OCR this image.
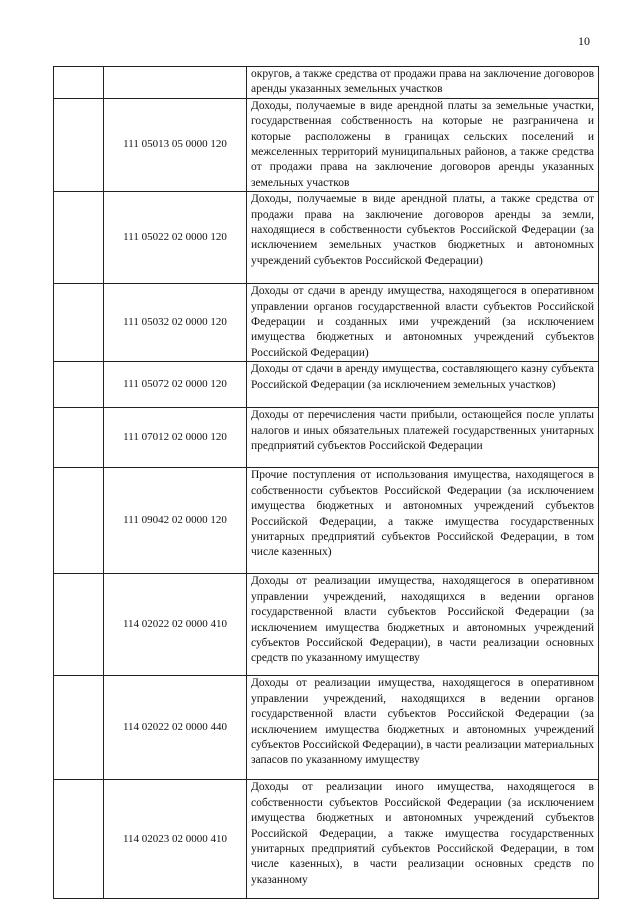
10
		округов, а также средства от продажи права на заключение договоров аренды указанных земельных участков
	111 05013 05 0000 120	Доходы, получаемые в виде арендной платы за земельные участки, государственная собственность на которые не разграничена и которые расположены в границах сельских поселений и межселенных территорий муниципальных районов, а также средства от продажи права на заключение договоров аренды указанных земельных участков
	111 05022 02 0000 120	Доходы, получаемые в виде арендной платы, а также средства от продажи права на заключение договоров аренды за земли, находящиеся в собственности субъектов Российской Федерации (за исключением земельных участков бюджетных и автономных учреждений субъектов Российской Федерации)
	111 05032 02 0000 120	Доходы от сдачи в аренду имущества, находящегося в оперативном управлении органов государственной власти субъектов Российской Федерации и созданных ими учреждений (за исключением имущества бюджетных и автономных учреждений субъектов Российской Федерации)
	111 05072 02 0000 120	Доходы от сдачи в аренду имущества, составляющего казну субъекта Российской Федерации (за исключением земельных участков)
	111 07012 02 0000 120	Доходы от перечисления части прибыли, остающейся после уплаты налогов и иных обязательных платежей государственных унитарных предприятий субъектов Российской Федерации
	111 09042 02 0000 120	Прочие поступления от использования имущества, находящегося в собственности субъектов Российской Федерации (за исключением имущества бюджетных и автономных учреждений субъектов Российской Федерации, а также имущества государственных унитарных предприятий субъектов Российской Федерации, в том числе казенных)
	114 02022 02 0000 410	Доходы от реализации имущества, находящегося в оперативном управлении учреждений, находящихся в ведении органов государственной власти субъектов Российской Федерации (за исключением имущества бюджетных и автономных учреждений субъектов Российской Федерации), в части реализации основных средств по указанному имуществу
	114 02022 02 0000 440	Доходы от реализации имущества, находящегося в оперативном управлении учреждений, находящихся в ведении органов государственной власти субъектов Российской Федерации (за исключением имущества бюджетных и автономных учреждений субъектов Российской Федерации), в части реализации материальных запасов по указанному имуществу
	114 02023 02 0000 410	Доходы от реализации иного имущества, находящегося в собственности субъектов Российской Федерации (за исключением имущества бюджетных и автономных учреждений субъектов Российской Федерации, а также имущества государственных унитарных предприятий субъектов Российской Федерации, в том числе казенных), в части реализации основных средств по указанному
